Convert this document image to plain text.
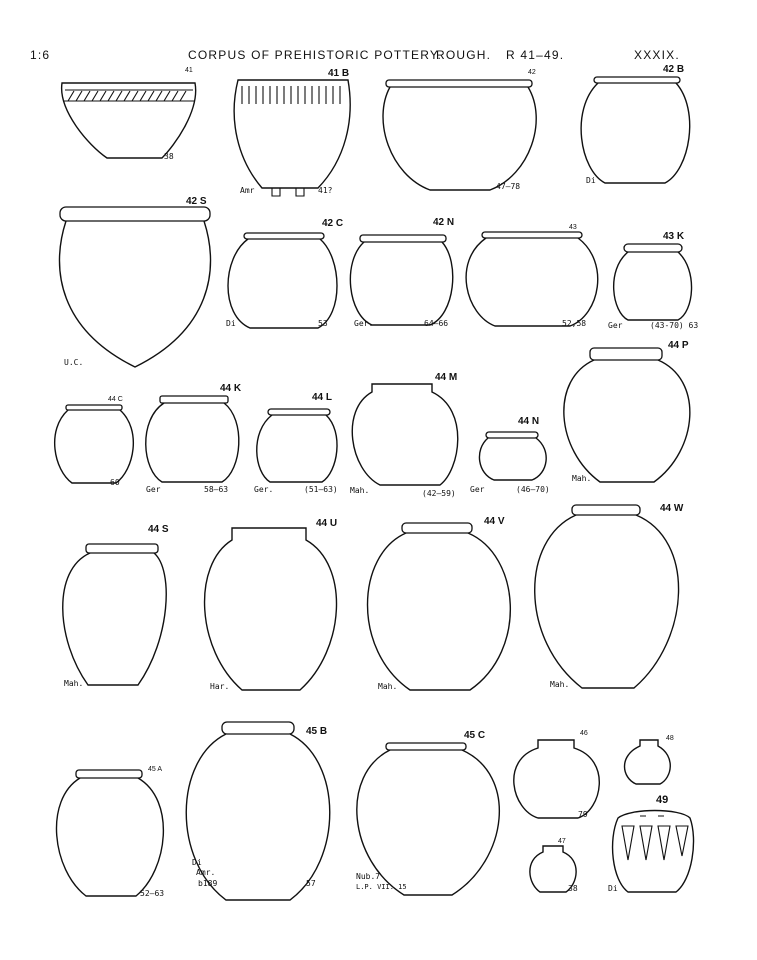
1:6	CORPUS OF PREHISTORIC POTTERY.
ROUGH. R 41–49.	XXXIX.
41	41 B	42	42 B
42 S
42 C	42 N	43
43 K
44 C
44 K
44 L
44 M
44 N
44 P
44 S
44 U	44 V
44 W
45 A
45 B	45 C	46
47
48
49
38
Amr	41?	47–78
Di
U.C.
Di	53	Ger.	64–66	52,58	Ger	(43-70) 63
60
Ger	58–63	Ger.	(51–63) Mah.	(42–59) Ger	(46–70)
Mah.
Mah.	Har.	Mah.	Mah.
52–63
Di
Amr.
b189	57
Nub.7
L.P. VII. 15
79
38	Di
